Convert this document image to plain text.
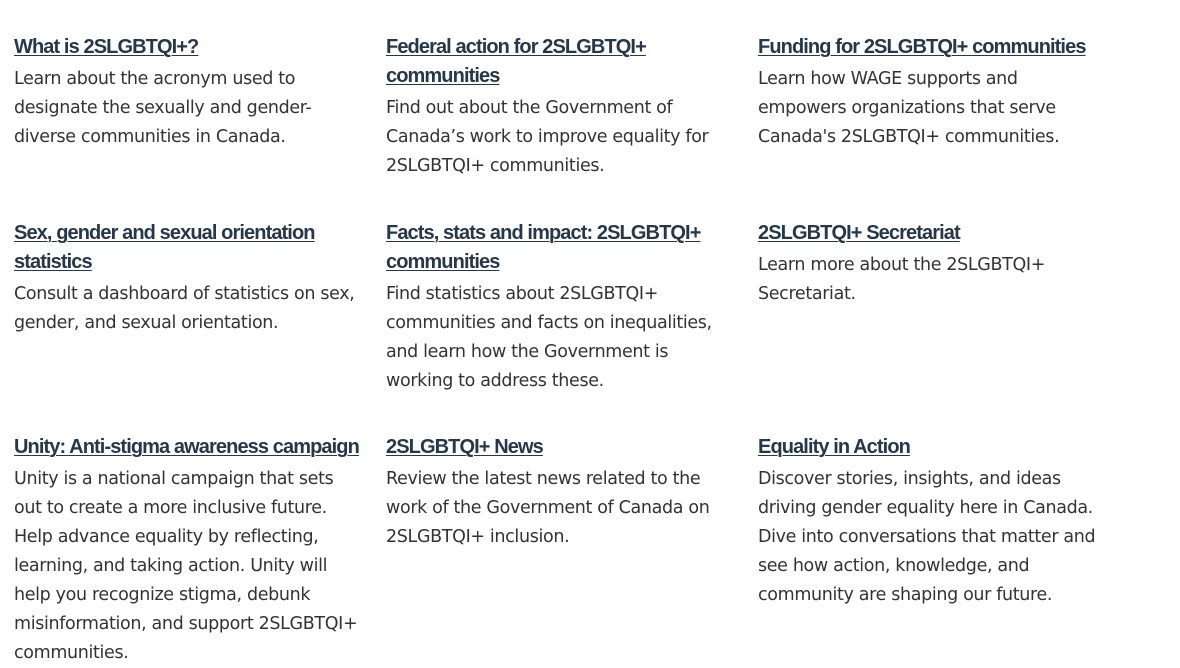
What is 2SLGBTQI+?

Learn about the acronym used to designate the sexually and gender-diverse communities in Canada.

Federal action for 2SLGBTQI+ communities

Find out about the Government of Canada’s work to improve equality for 2SLGBTQI+ communities.

Funding for 2SLGBTQI+ communities

Learn how WAGE supports and empowers organizations that serve Canada's 2SLGBTQI+ communities.

Sex, gender and sexual orientation statistics

Consult a dashboard of statistics on sex, gender, and sexual orientation.

Facts, stats and impact: 2SLGBTQI+ communities

Find statistics about 2SLGBTQI+ communities and facts on inequalities, and learn how the Government is working to address these.

2SLGBTQI+ Secretariat

Learn more about the 2SLGBTQI+ Secretariat.

Unity: Anti-stigma awareness campaign

Unity is a national campaign that sets out to create a more inclusive future. Help advance equality by reflecting, learning, and taking action. Unity will help you recognize stigma, debunk misinformation, and support 2SLGBTQI+ communities.

2SLGBTQI+ News

Review the latest news related to the work of the Government of Canada on 2SLGBTQI+ inclusion.

Equality in Action

Discover stories, insights, and ideas driving gender equality here in Canada. Dive into conversations that matter and see how action, knowledge, and community are shaping our future.
